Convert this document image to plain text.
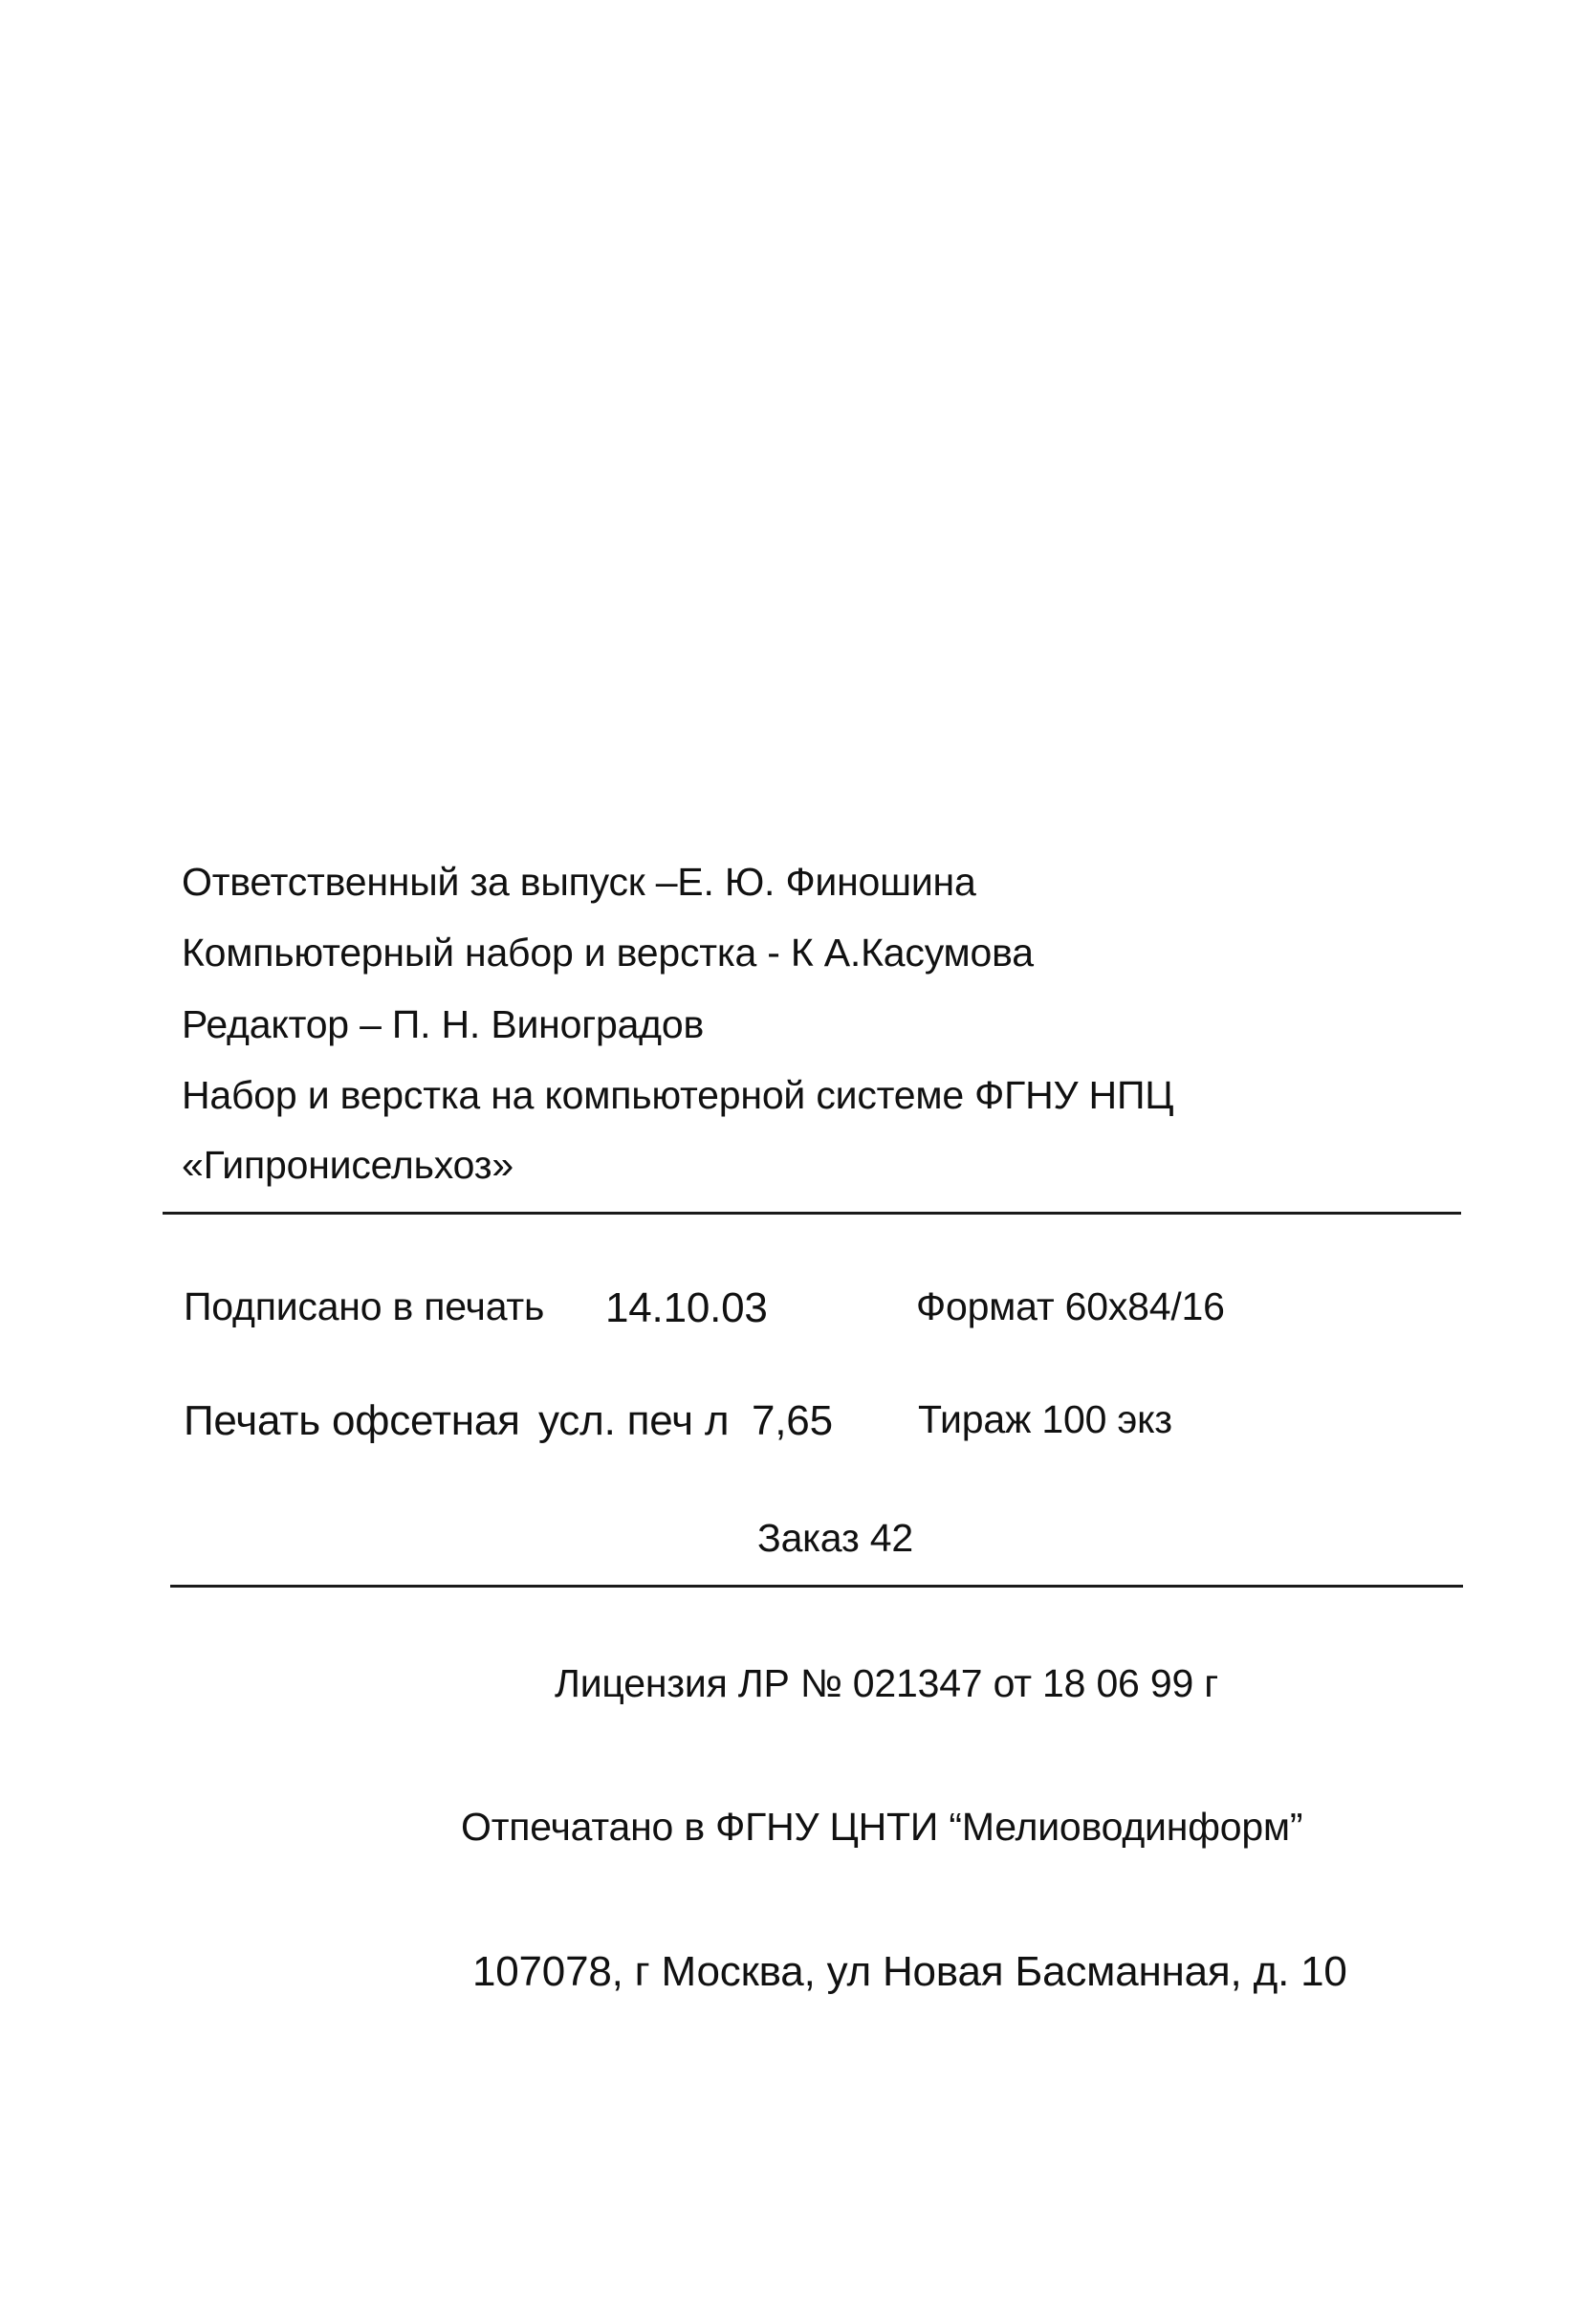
Ответственный за выпуск –Е. Ю. Финошина
Компьютерный набор и верстка - К А.Касумова
Редактор – П. Н. Виноградов
Набор и верстка на компьютерной системе ФГНУ НПЦ
«Гипронисельхоз»
Подписано в печать 14.10.03	Формат 60x84/16
Печать офсетная усл. печ л 7,65 Тираж 100 экз
Заказ 42
Лицензия ЛР № 021347 от 18 06 99 г
Отпечатано в ФГНУ ЦНТИ “Мелиоводинформ”
107078, г Москва, ул Новая Басманная, д. 10
